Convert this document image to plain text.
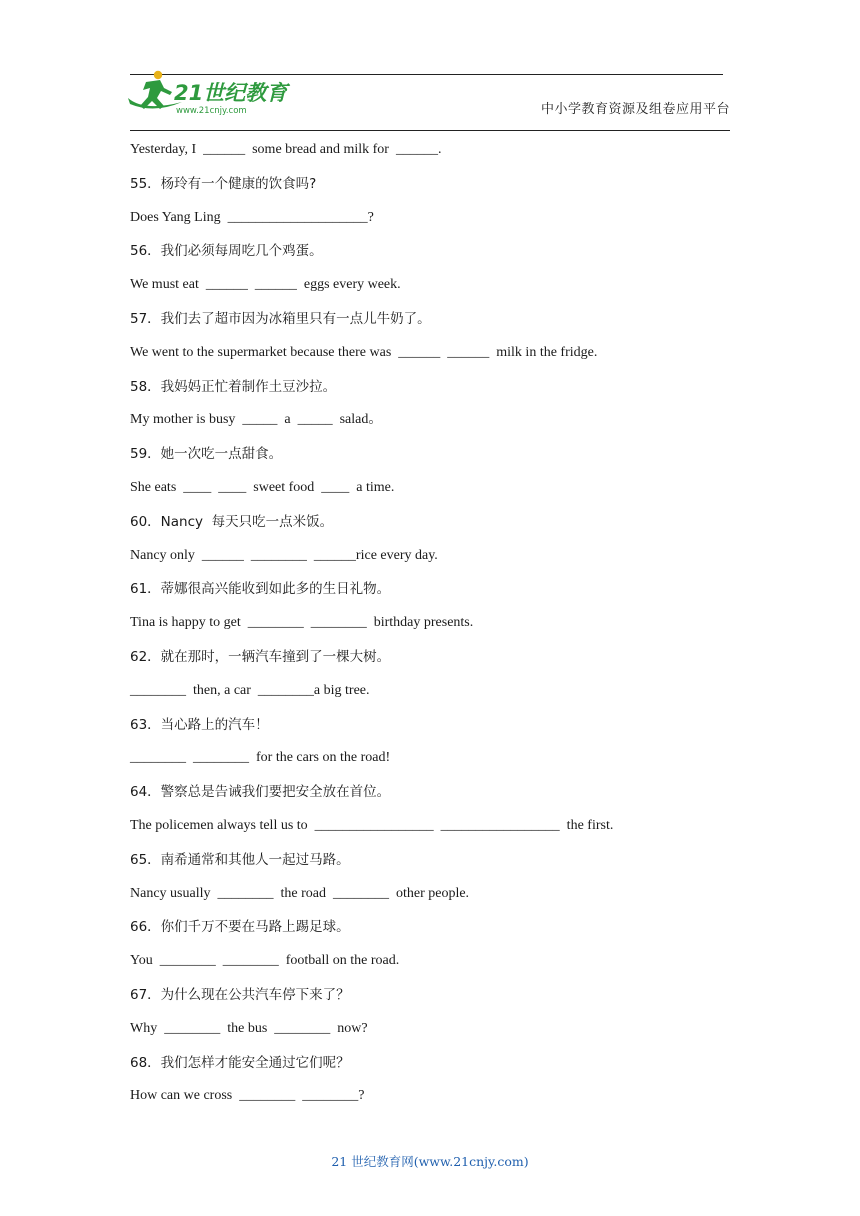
21世纪教育
www.21cnjy.com	中小学教育资源及组卷应用平台
Yesterday, I  ______  some bread and milk for  ______.
55．杨玲有一个健康的饮食吗?
Does Yang Ling  ____________________?
56．我们必须每周吃几个鸡蛋。
We must eat  ______  ______  eggs every week.
57．我们去了超市因为冰箱里只有一点儿牛奶了。
We went to the supermarket because there was  ______  ______  milk in the fridge.
58．我妈妈正忙着制作土豆沙拉。
My mother is busy  _____  a  _____  salad。
59．她一次吃一点甜食。
She eats  ____  ____  sweet food  ____  a time.
60．Nancy  每天只吃一点米饭。
Nancy only  ______  ________  ______rice every day.
61．蒂娜很高兴能收到如此多的生日礼物。
Tina is happy to get  ________  ________  birthday presents.
62．就在那时，一辆汽车撞到了一棵大树。
________  then, a car  ________a big tree.
63．当心路上的汽车！
________  ________  for the cars on the road!
64．警察总是告诫我们要把安全放在首位。
The policemen always tell us to  _________________  _________________  the first.
65．南希通常和其他人一起过马路。
Nancy usually  ________  the road  ________  other people.
66．你们千万不要在马路上踢足球。
You  ________  ________  football on the road.
67．为什么现在公共汽车停下来了？
Why  ________  the bus  ________  now?
68．我们怎样才能安全通过它们呢？
How can we cross  ________  ________?
21 世纪教育网(www.21cnjy.com)
